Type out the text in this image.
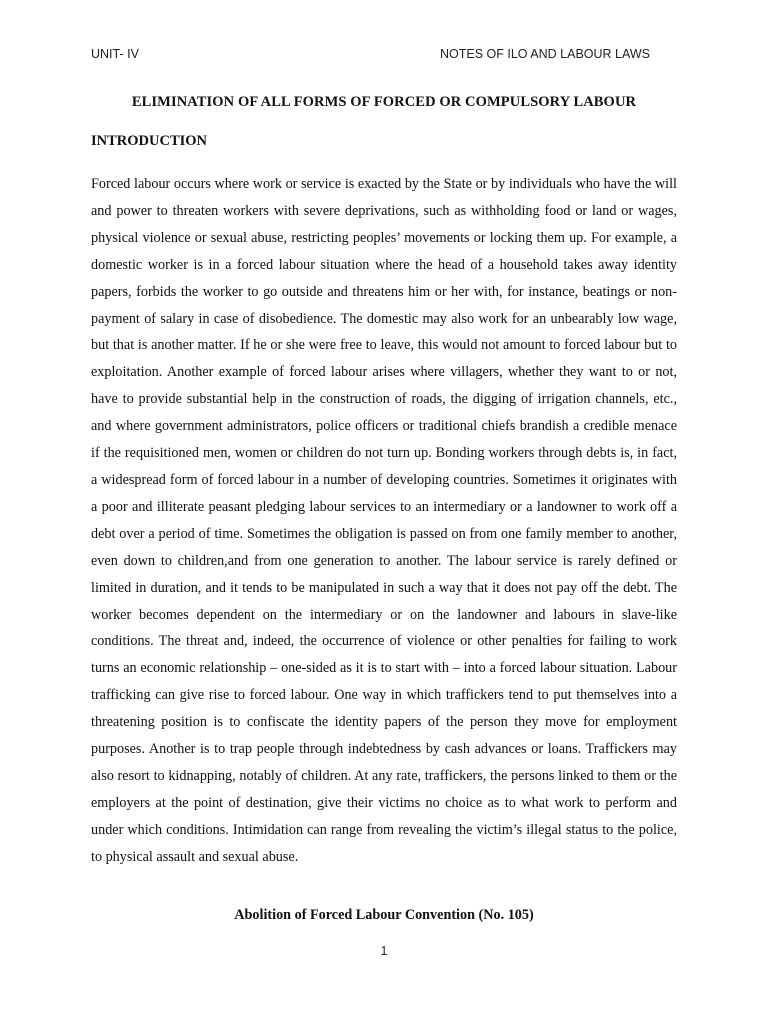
UNIT- IV	NOTES OF ILO AND LABOUR LAWS
ELIMINATION OF ALL FORMS OF FORCED OR COMPULSORY LABOUR
INTRODUCTION

Forced labour occurs where work or service is exacted by the State or by individuals who have the will and power to threaten workers with severe deprivations, such as withholding food or land or wages, physical violence or sexual abuse, restricting peoples’ movements or locking them up. For example, a domestic worker is in a forced labour situation where the head of a household takes away identity papers, forbids the worker to go outside and threatens him or her with, for instance, beatings or non-payment of salary in case of disobedience. The domestic may also work for an unbearably low wage, but that is another matter. If he or she were free to leave, this would not amount to forced labour but to exploitation. Another example of forced labour arises where villagers, whether they want to or not, have to provide substantial help in the construction of roads, the digging of irrigation channels, etc., and where government administrators, police officers or traditional chiefs brandish a credible menace if the requisitioned men, women or children do not turn up. Bonding workers through debts is, in fact, a widespread form of forced labour in a number of developing countries. Sometimes it originates with a poor and illiterate peasant pledging labour services to an intermediary or a landowner to work off a debt over a period of time. Sometimes the obligation is passed on from one family member to another, even down to children,and from one generation to another. The labour service is rarely defined or limited in duration, and it tends to be manipulated in such a way that it does not pay off the debt. The worker becomes dependent on the intermediary or on the landowner and labours in slave-like conditions. The threat and, indeed, the occurrence of violence or other penalties for failing to work turns an economic relationship – one-sided as it is to start with – into a forced labour situation. Labour trafficking can give rise to forced labour. One way in which traffickers tend to put themselves into a threatening position is to confiscate the identity papers of the person they move for employment purposes. Another is to trap people through indebtedness by cash advances or loans. Traffickers may also resort to kidnapping, notably of children. At any rate, traffickers, the persons linked to them or the employers at the point of destination, give their victims no choice as to what work to perform and under which conditions. Intimidation can range from revealing the victim’s illegal status to the police, to physical assault and sexual abuse.

Abolition of Forced Labour Convention (No. 105)
1
